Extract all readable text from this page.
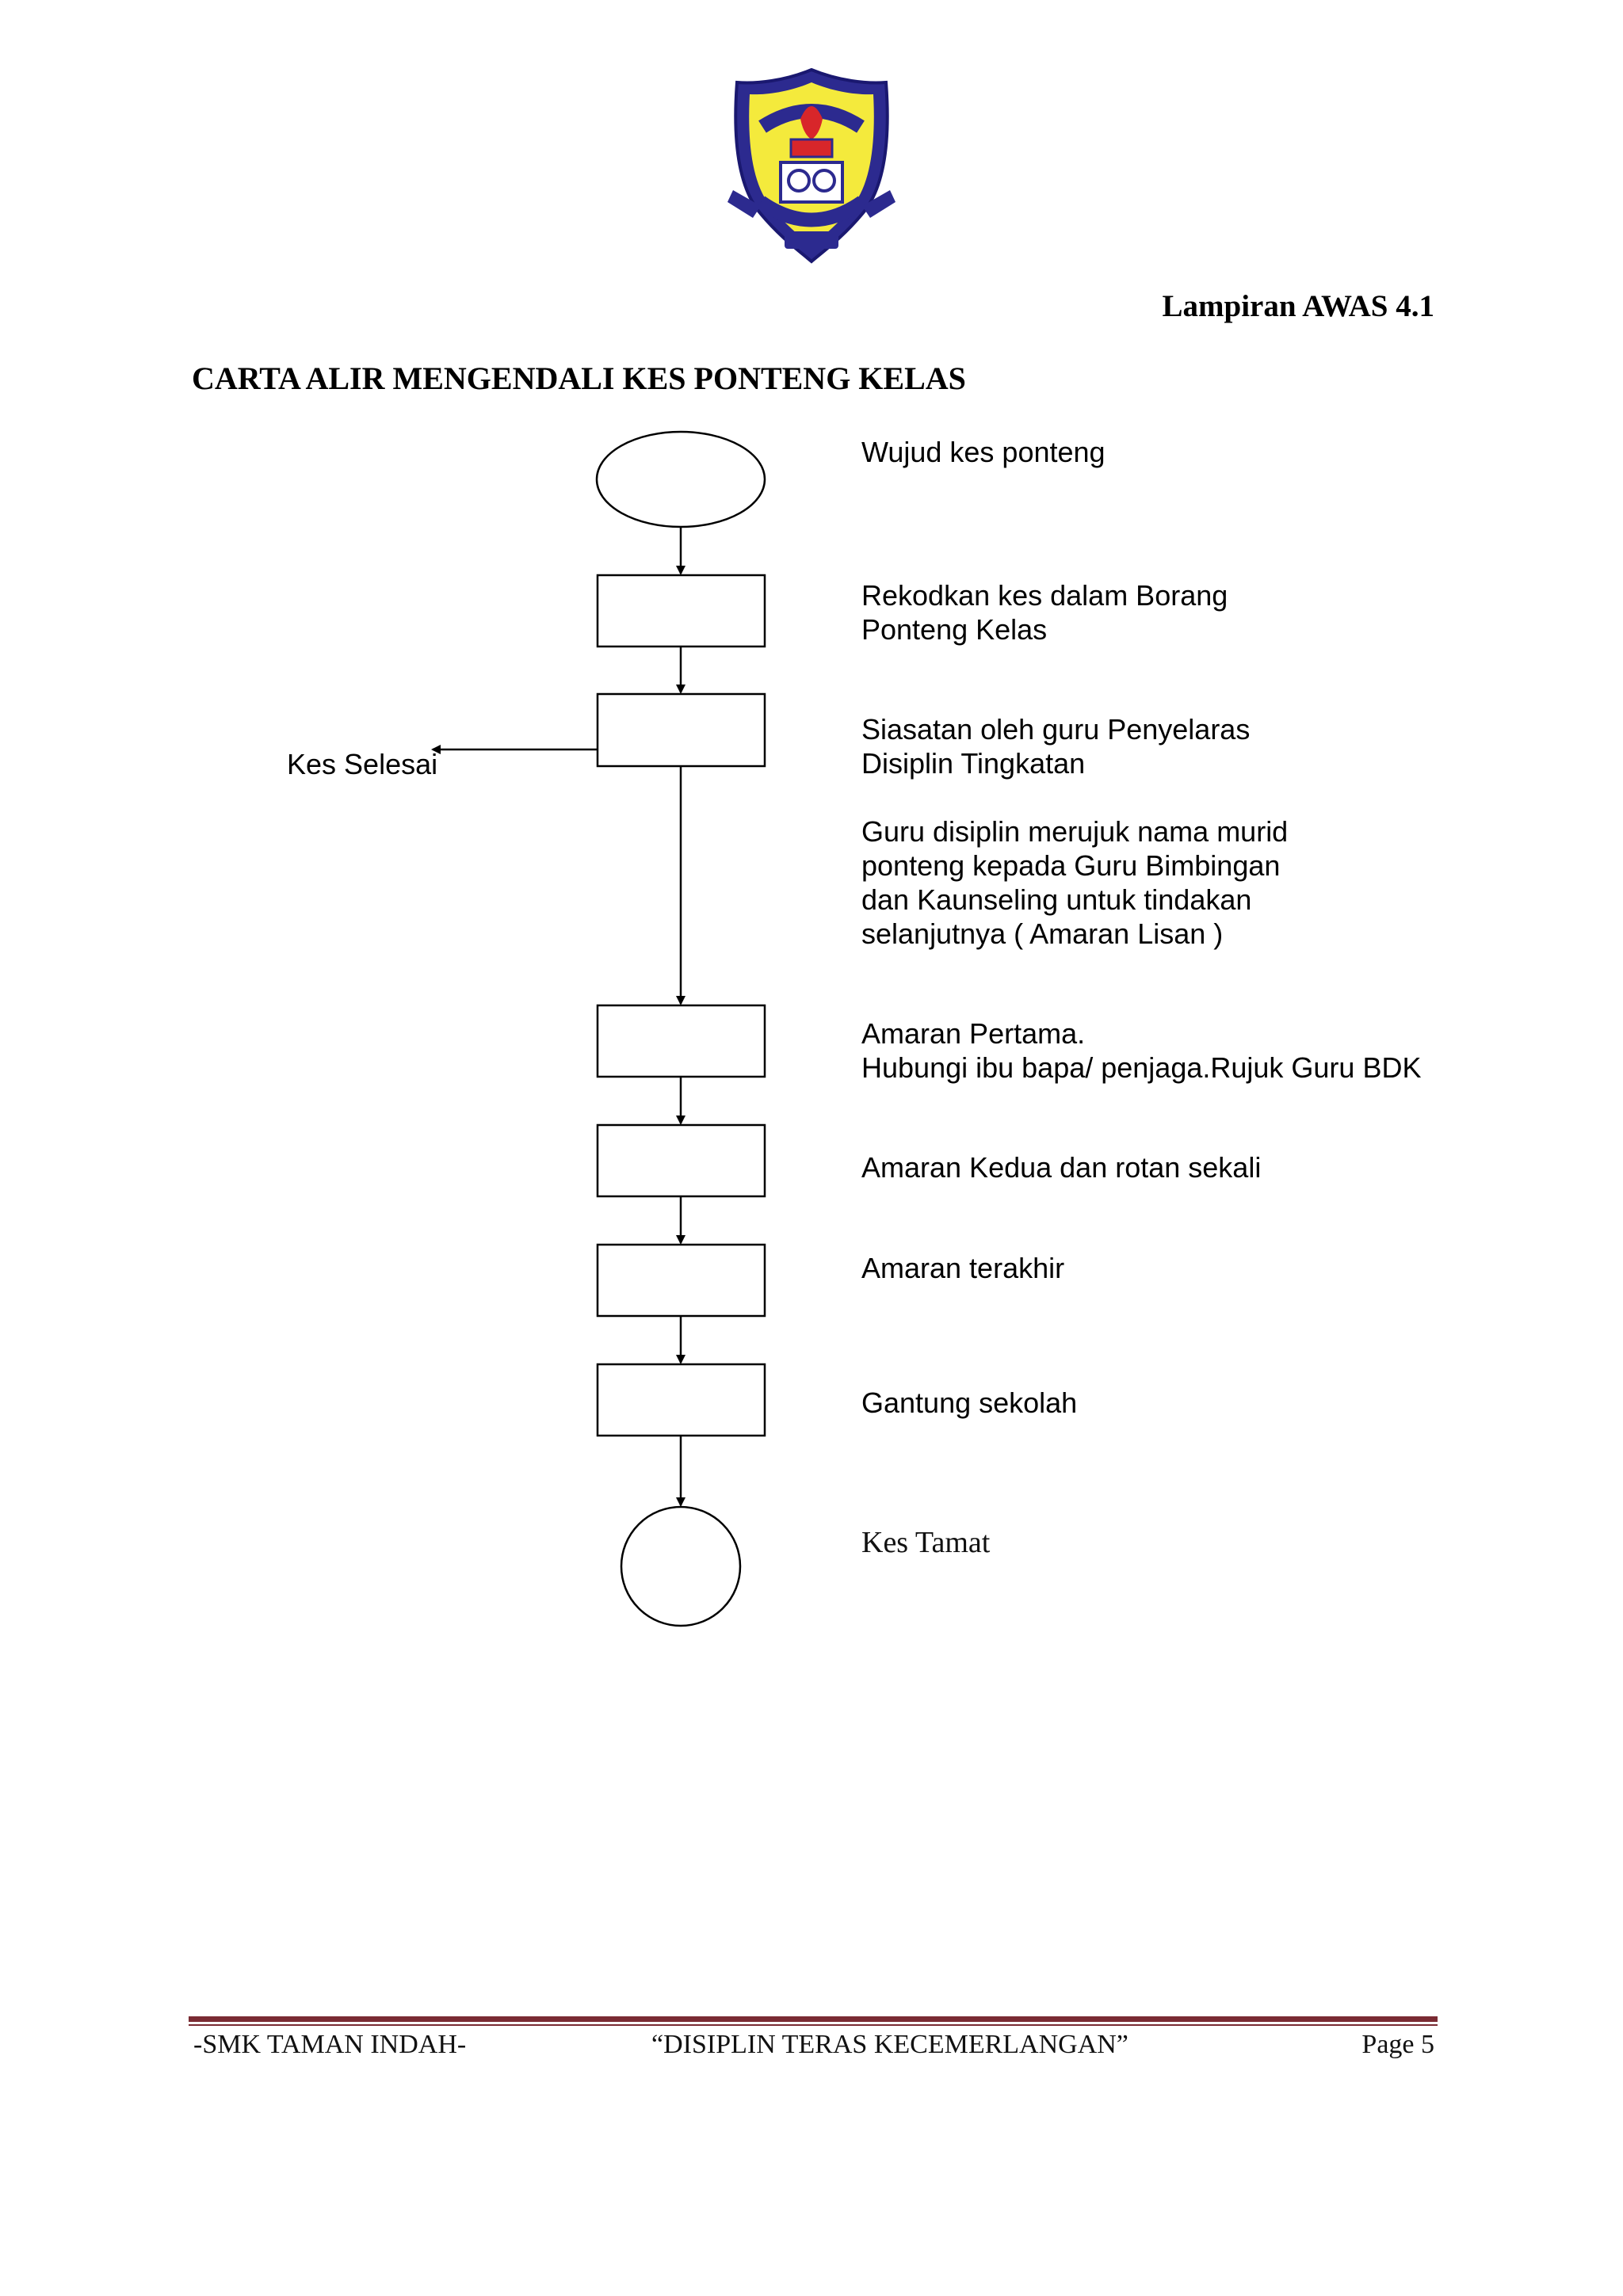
Lampiran AWAS 4.1
CARTA ALIR MENGENDALI KES PONTENG KELAS
Wujud kes ponteng
Rekodkan kes dalam Borang
Ponteng Kelas
Siasatan oleh guru Penyelaras
Disiplin Tingkatan
Guru disiplin merujuk nama murid
ponteng kepada Guru Bimbingan
dan Kaunseling untuk tindakan
selanjutnya ( Amaran Lisan )
Amaran Pertama.
Hubungi ibu bapa/ penjaga.Rujuk Guru BDK
Amaran Kedua dan rotan sekali
Amaran terakhir
Gantung sekolah
Kes Tamat
Kes Selesai
-SMK TAMAN INDAH-	“DISIPLIN TERAS KECEMERLANGAN”	Page 5
